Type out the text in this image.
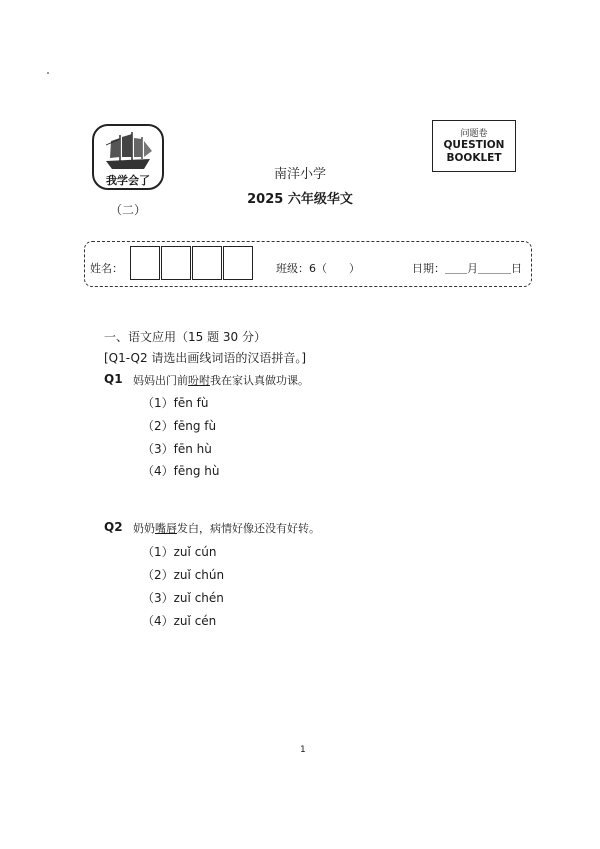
我学会了
（二）
南洋小学
2025 六年级华文
问题卷
QUESTION
BOOKLET
姓名：	班级：6（　　）	日期：＿＿月＿＿＿日
一、语文应用（15 题 30 分）
[Q1-Q2 请选出画线词语的汉语拼音。]
Q1 妈妈出门前吩咐我在家认真做功课。
（1）fēn fù
（2）fēng fù
（3）fēn hù
（4）fēng hù
Q2 奶奶嘴唇发白，病情好像还没有好转。
（1）zuǐ cún
（2）zuǐ chún
（3）zuǐ chén
（4）zuǐ cén
1
